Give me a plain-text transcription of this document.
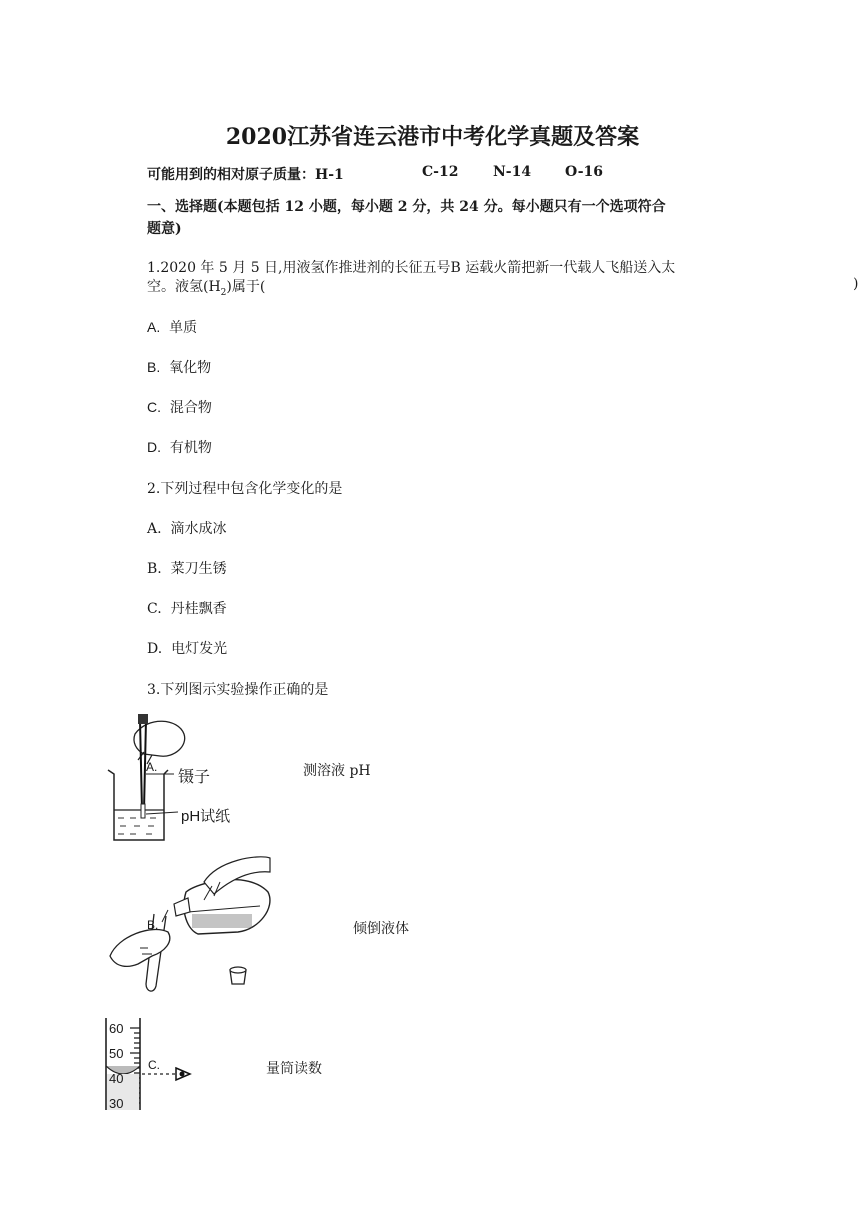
2020江苏省连云港市中考化学真题及答案
可能用到的相对原子质量：H-1	C-12 N-14 O-16
一、选择题(本题包括 12 小题，每小题 2 分，共 24 分。每小题只有一个选项符合
题意)
1.2020 年 5 月 5 日,用液氢作推进剂的长征五号B 运载火箭把新一代载人飞船送入太
空。液氢$(H_2)$属于(	)
A. 单质
B. 氧化物
C. 混合物
D. 有机物
2.下列过程中包含化学变化的是
A. 滴水成冰
B. 菜刀生锈
C. 丹桂飘香
D. 电灯发光
3.下列图示实验操作正确的是
A.
镊子
pH试纸
测溶液 pH
B.	倾倒液体
60
50
40
30
C.	量筒读数
